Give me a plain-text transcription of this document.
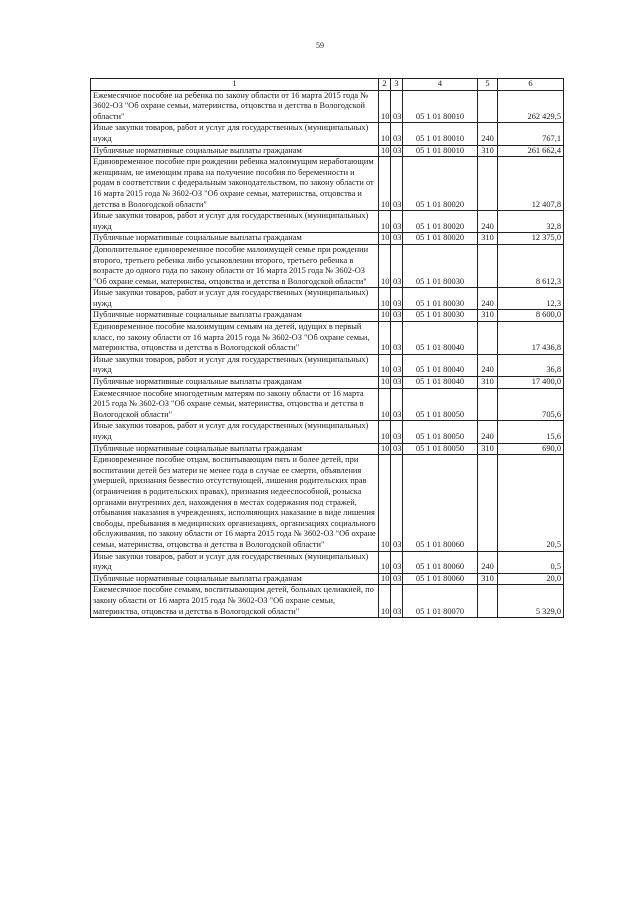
59
1	2	3	4	5	6
Ежемесячное пособие на ребенка по закону области от 16 марта 2015 года № 3602-ОЗ "Об охране семьи, материнства, отцовства и детства в Вологодской области"	10	03	05 1 01 80010		262 429,5
Иные закупки товаров, работ и услуг для государственных (муниципальных) нужд	10	03	05 1 01 80010	240	767,1
Публичные нормативные социальные выплаты гражданам	10	03	05 1 01 80010	310	261 662,4
Единовременное пособие при рождении ребенка малоимущим неработающим женщинам, не имеющим права на получение пособия по беременности и родам в соответствии с федеральным законодательством, по закону области от 16 марта 2015 года № 3602-ОЗ "Об охране семьи, материнства, отцовства и детства в Вологодской области"	10	03	05 1 01 80020		12 407,8
Иные закупки товаров, работ и услуг для государственных (муниципальных) нужд	10	03	05 1 01 80020	240	32,8
Публичные нормативные социальные выплаты гражданам	10	03	05 1 01 80020	310	12 375,0
Дополнительное единовременное пособие малоимущей семье при рождении второго, третьего ребенка либо усыновлении второго, третьего ребенка в возрасте до одного года по закону области от 16 марта 2015 года № 3602-ОЗ "Об охране семьи, материнства, отцовства и детства в Вологодской области"	10	03	05 1 01 80030		8 612,3
Иные закупки товаров, работ и услуг для государственных (муниципальных) нужд	10	03	05 1 01 80030	240	12,3
Публичные нормативные социальные выплаты гражданам	10	03	05 1 01 80030	310	8 600,0
Единовременное пособие малоимущим семьям на детей, идущих в первый класс, по закону области от 16 марта 2015 года № 3602-ОЗ "Об охране семьи, материнства, отцовства и детства в Вологодской области"	10	03	05 1 01 80040		17 436,8
Иные закупки товаров, работ и услуг для государственных (муниципальных) нужд	10	03	05 1 01 80040	240	36,8
Публичные нормативные социальные выплаты гражданам	10	03	05 1 01 80040	310	17 400,0
Ежемесячное пособие многодетным матерям по закону области от 16 марта 2015 года № 3602-ОЗ "Об охране семьи, материнства, отцовства и детства в Вологодской области"	10	03	05 1 01 80050		705,6
Иные закупки товаров, работ и услуг для государственных (муниципальных) нужд	10	03	05 1 01 80050	240	15,6
Публичные нормативные социальные выплаты гражданам	10	03	05 1 01 80050	310	690,0
Единовременное пособие отцам, воспитывающим пять и более детей, при воспитании детей без матери не менее года в случае ее смерти, объявления умершей, признания безвестно отсутствующей, лишения родительских прав (ограничения в родительских правах), признания недееспособной, розыска органами внутренних дел, нахождения в местах содержания под стражей, отбывания наказания в учреждениях, исполняющих наказание в виде лишения свободы, пребывания в медицинских организациях, организациях социального обслуживания, по закону области от 16 марта 2015 года № 3602-ОЗ "Об охране семьи, материнства, отцовства и детства в Вологодской области"	10	03	05 1 01 80060		20,5
Иные закупки товаров, работ и услуг для государственных (муниципальных) нужд	10	03	05 1 01 80060	240	0,5
Публичные нормативные социальные выплаты гражданам	10	03	05 1 01 80060	310	20,0
Ежемесячное пособие семьям, воспитывающим детей, больных целиакией, по закону области от 16 марта 2015 года № 3602-ОЗ "Об охране семьи, материнства, отцовства и детства в Вологодской области"	10	03	05 1 01 80070		5 329,0
